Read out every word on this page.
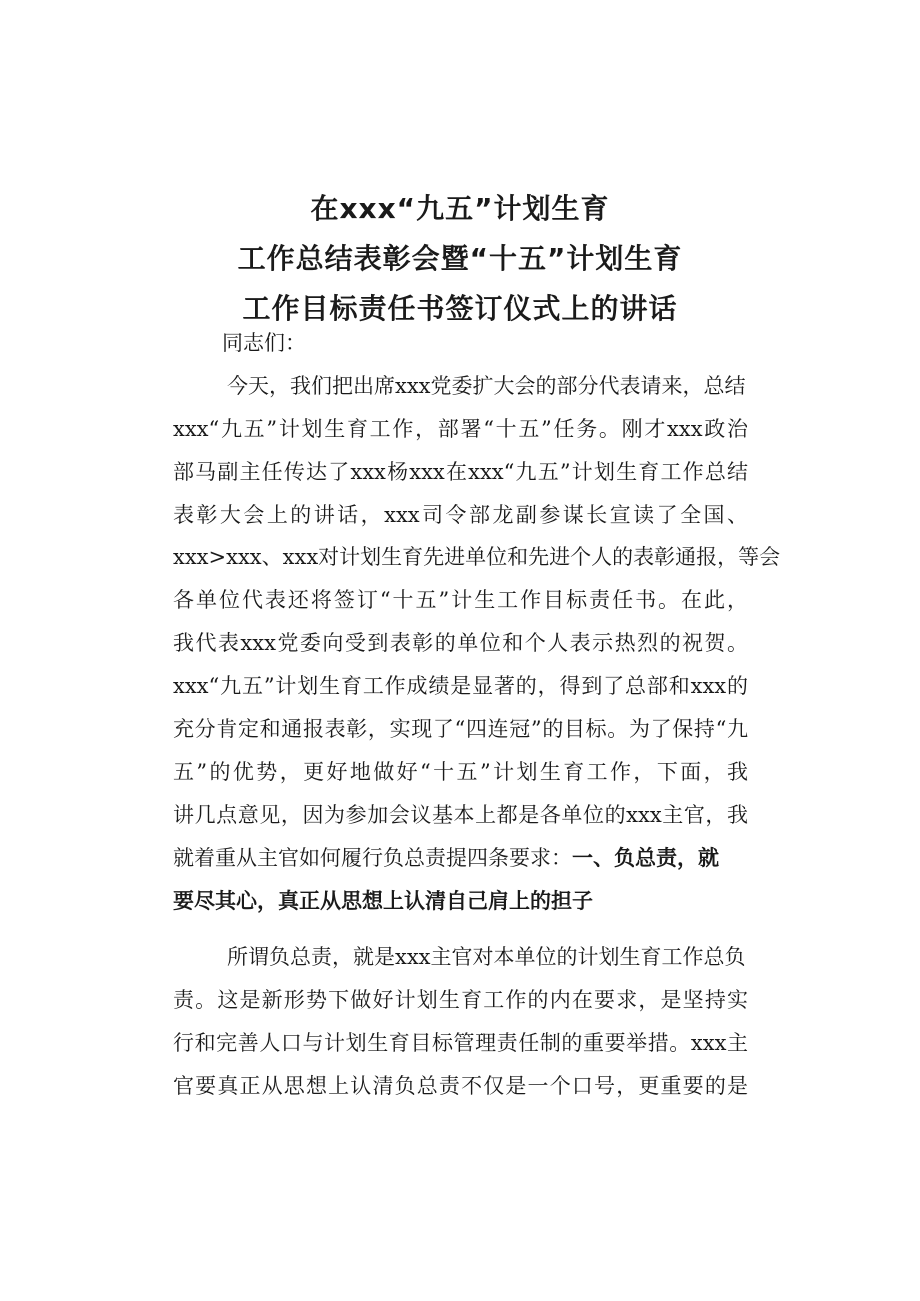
在xxx“九五”计划生育
工作总结表彰会暨“十五”计划生育
工作目标责任书签订仪式上的讲话
同志们：
今天，我们把出席xxx党委扩大会的部分代表请来，总结
xxx“九五”计划生育工作，部署“十五”任务。刚才xxx政治
部马副主任传达了xxx杨xxx在xxx“九五”计划生育工作总结
表彰大会上的讲话，xxx司令部龙副参谋长宣读了全国、
xxx>xxx、xxx对计划生育先进单位和先进个人的表彰通报，等会
各单位代表还将签订“十五”计生工作目标责任书。在此，
我代表xxx党委向受到表彰的单位和个人表示热烈的祝贺。
xxx“九五”计划生育工作成绩是显著的，得到了总部和xxx的
充分肯定和通报表彰，实现了“四连冠”的目标。为了保持“九
五”的优势，更好地做好“十五”计划生育工作，下面，我
讲几点意见，因为参加会议基本上都是各单位的xxx主官，我
就着重从主官如何履行负总责提四条要求：一、负总责，就
要尽其心，真正从思想上认清自己肩上的担子
所谓负总责，就是xxx主官对本单位的计划生育工作总负
责。这是新形势下做好计划生育工作的内在要求，是坚持实
行和完善人口与计划生育目标管理责任制的重要举措。xxx主
官要真正从思想上认清负总责不仅是一个口号，更重要的是
